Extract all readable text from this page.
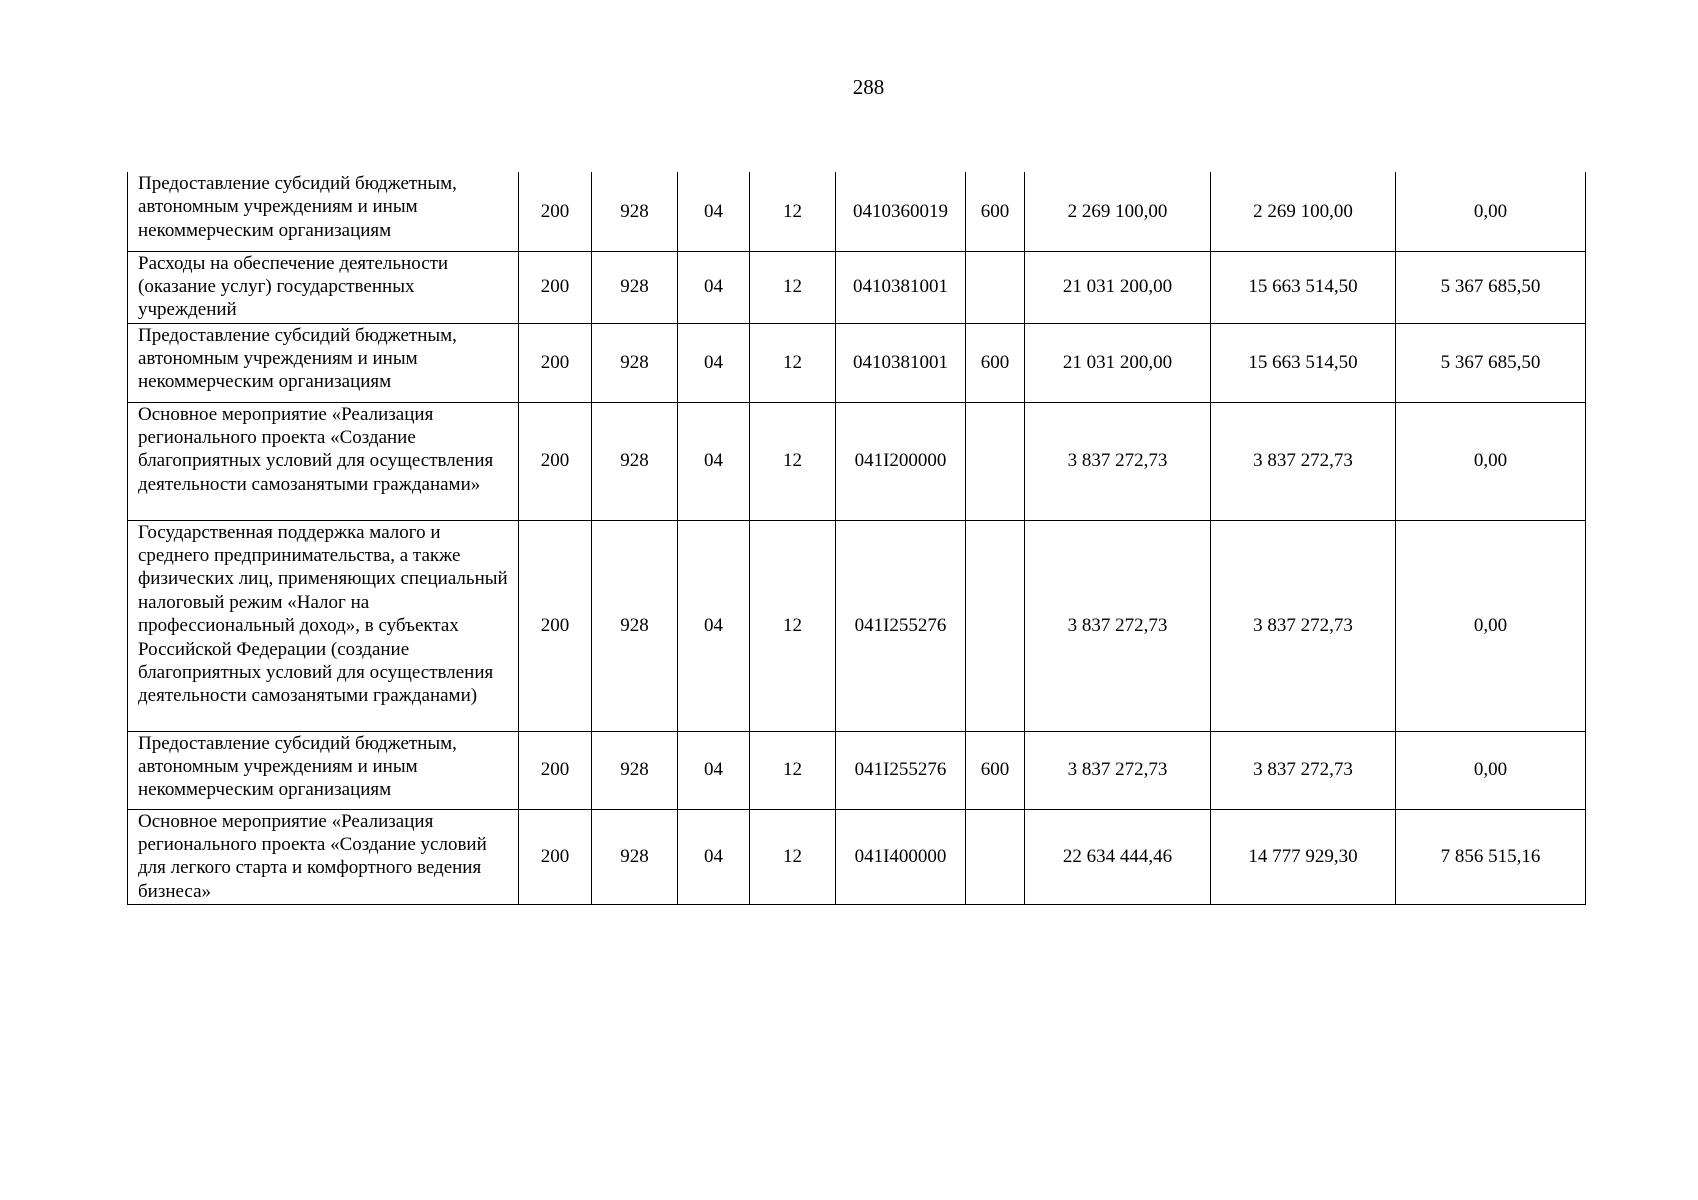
288
Предоставление субсидий бюджетным, автономным учреждениям и иным некоммерческим организациям	200	928	04	12	0410360019	600	2 269 100,00	2 269 100,00	0,00

Расходы на обеспечение деятельности (оказание услуг) государственных учреждений	200	928	04	12	0410381001		21 031 200,00	15 663 514,50	5 367 685,50

Предоставление субсидий бюджетным, автономным учреждениям и иным некоммерческим организациям	200	928	04	12	0410381001	600	21 031 200,00	15 663 514,50	5 367 685,50

Основное мероприятие «Реализация регионального проекта «Создание благоприятных условий для осуществления деятельности самозанятыми гражданами»	200	928	04	12	041I200000		3 837 272,73	3 837 272,73	0,00

Государственная поддержка малого и среднего предпринимательства, а также физических лиц, применяющих специальный налоговый режим «Налог на профессиональный доход», в субъектах Российской Федерации (создание благоприятных условий для осуществления деятельности самозанятыми гражданами)	200	928	04	12	041I255276		3 837 272,73	3 837 272,73	0,00

Предоставление субсидий бюджетным, автономным учреждениям и иным некоммерческим организациям	200	928	04	12	041I255276	600	3 837 272,73	3 837 272,73	0,00

Основное мероприятие «Реализация регионального проекта «Создание условий для легкого старта и комфортного ведения бизнеса»	200	928	04	12	041I400000		22 634 444,46	14 777 929,30	7 856 515,16
